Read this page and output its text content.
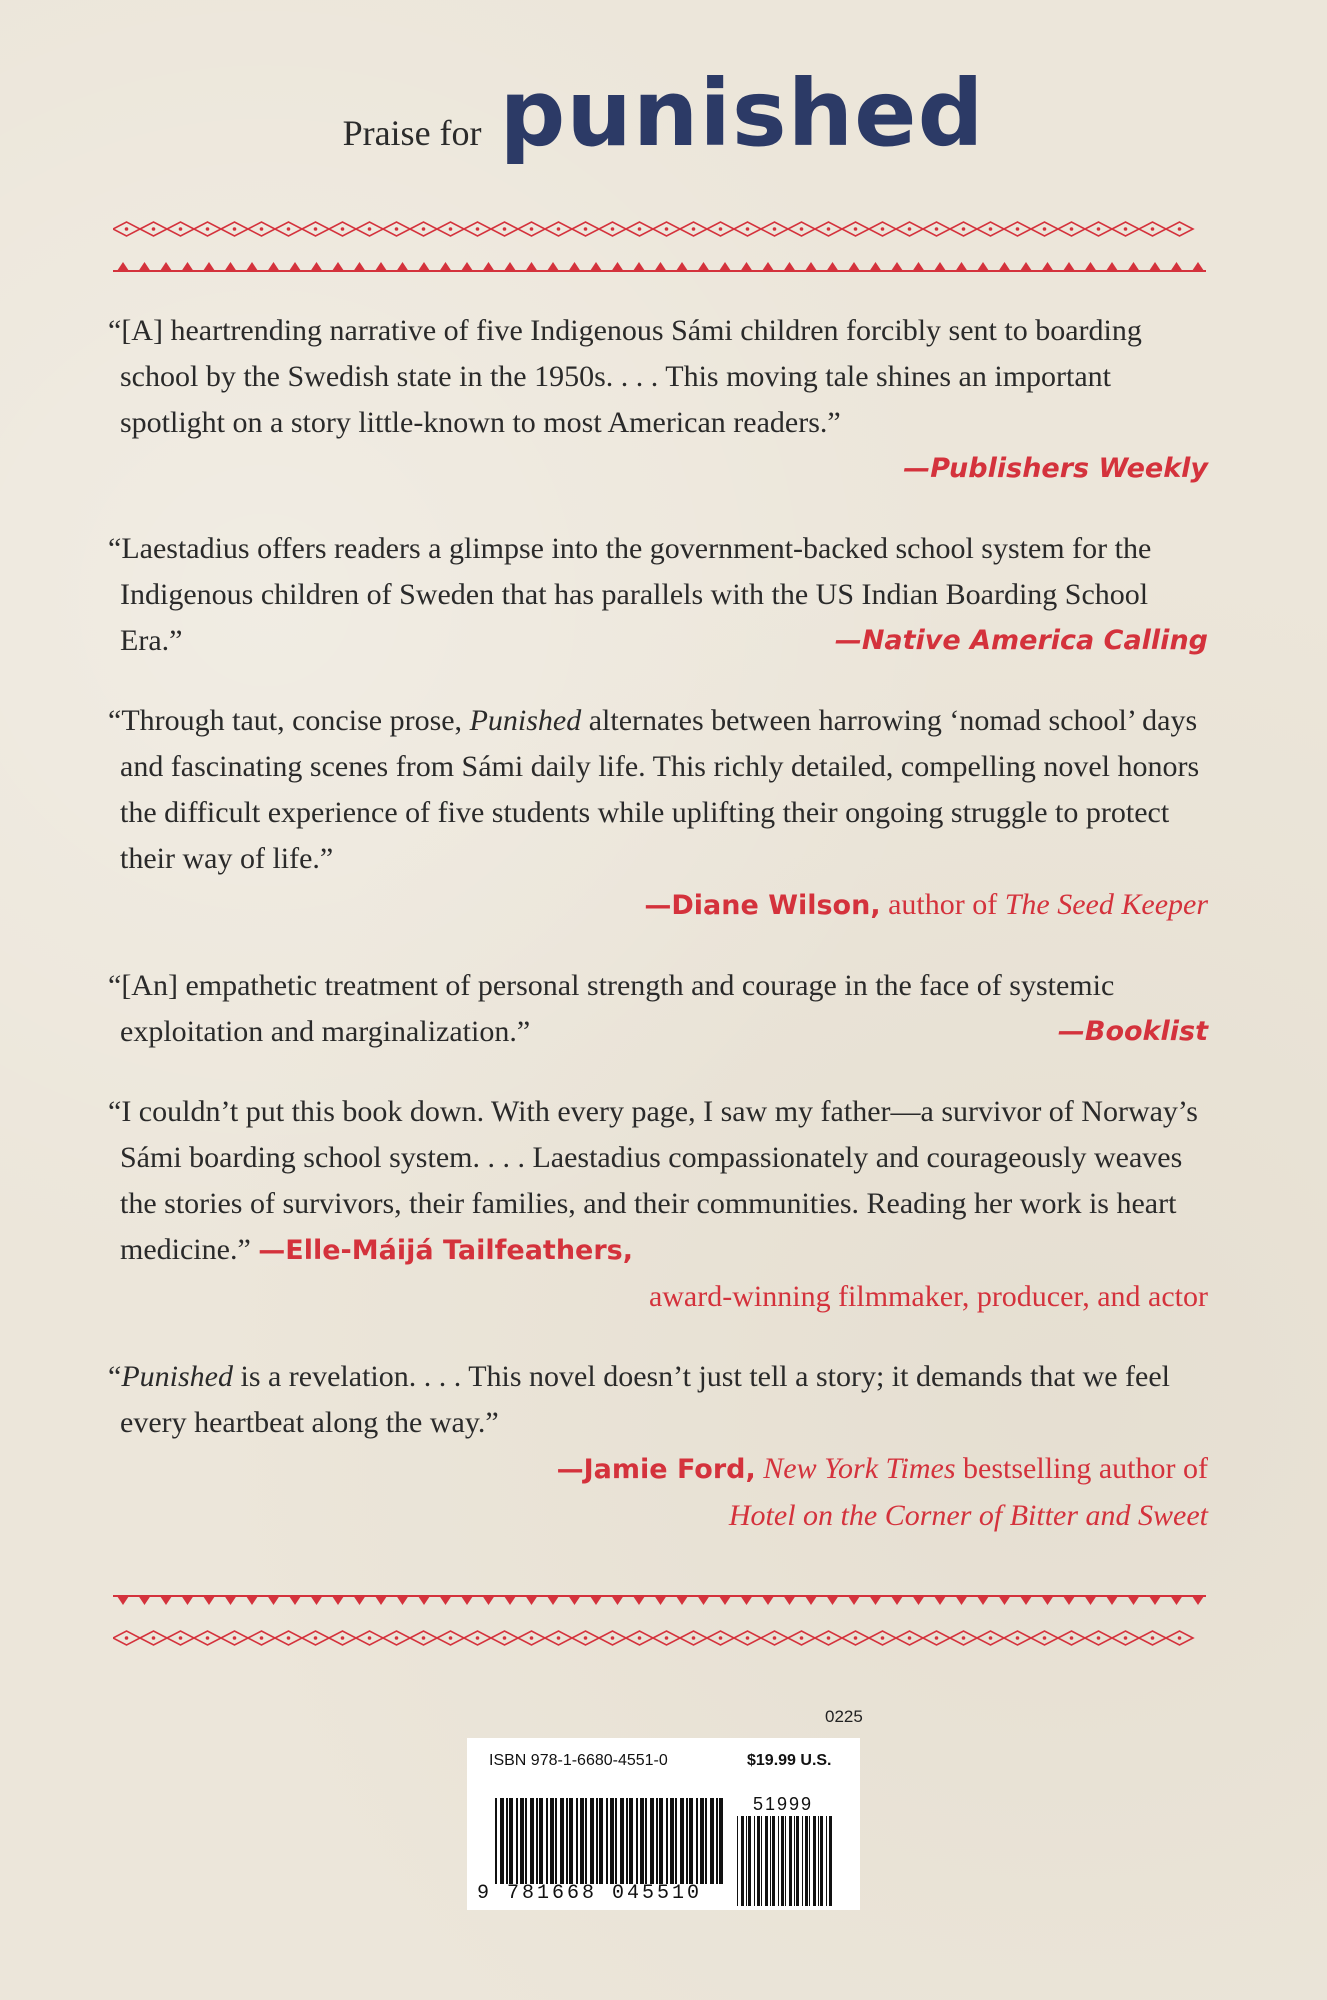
Praise for punished
“[A] heartrending narrative of five Indigenous Sámi children forcibly sent to boarding school by the Swedish state in the 1950s. . . . This moving tale shines an important spotlight on a story little-known to most American readers.”
—Publishers Weekly
“Laestadius offers readers a glimpse into the government-backed school system for the Indigenous children of Sweden that has parallels with the US Indian Boarding School Era.”	—Native America Calling
“Through taut, concise prose, Punished alternates between harrowing ‘nomad school’ days and fascinating scenes from Sámi daily life. This richly detailed, compelling novel honors the difficult experience of five students while uplifting their ongoing struggle to protect their way of life.”
—Diane Wilson, author of The Seed Keeper
“[An] empathetic treatment of personal strength and courage in the face of systemic exploitation and marginalization.”	—Booklist
“I couldn’t put this book down. With every page, I saw my father—a survivor of Norway’s Sámi boarding school system. . . . Laestadius compassionately and courageously weaves the stories of survivors, their families, and their communities. Reading her work is heart medicine.” —Elle-Máijá Tailfeathers,
award-winning filmmaker, producer, and actor
“Punished is a revelation. . . . This novel doesn’t just tell a story; it demands that we feel every heartbeat along the way.”
—Jamie Ford, New York Times bestselling author of
Hotel on the Corner of Bitter and Sweet
0225
ISBN 978-1-6680-4551-0	$19.99 U.S.
51999
9 781668 045510
